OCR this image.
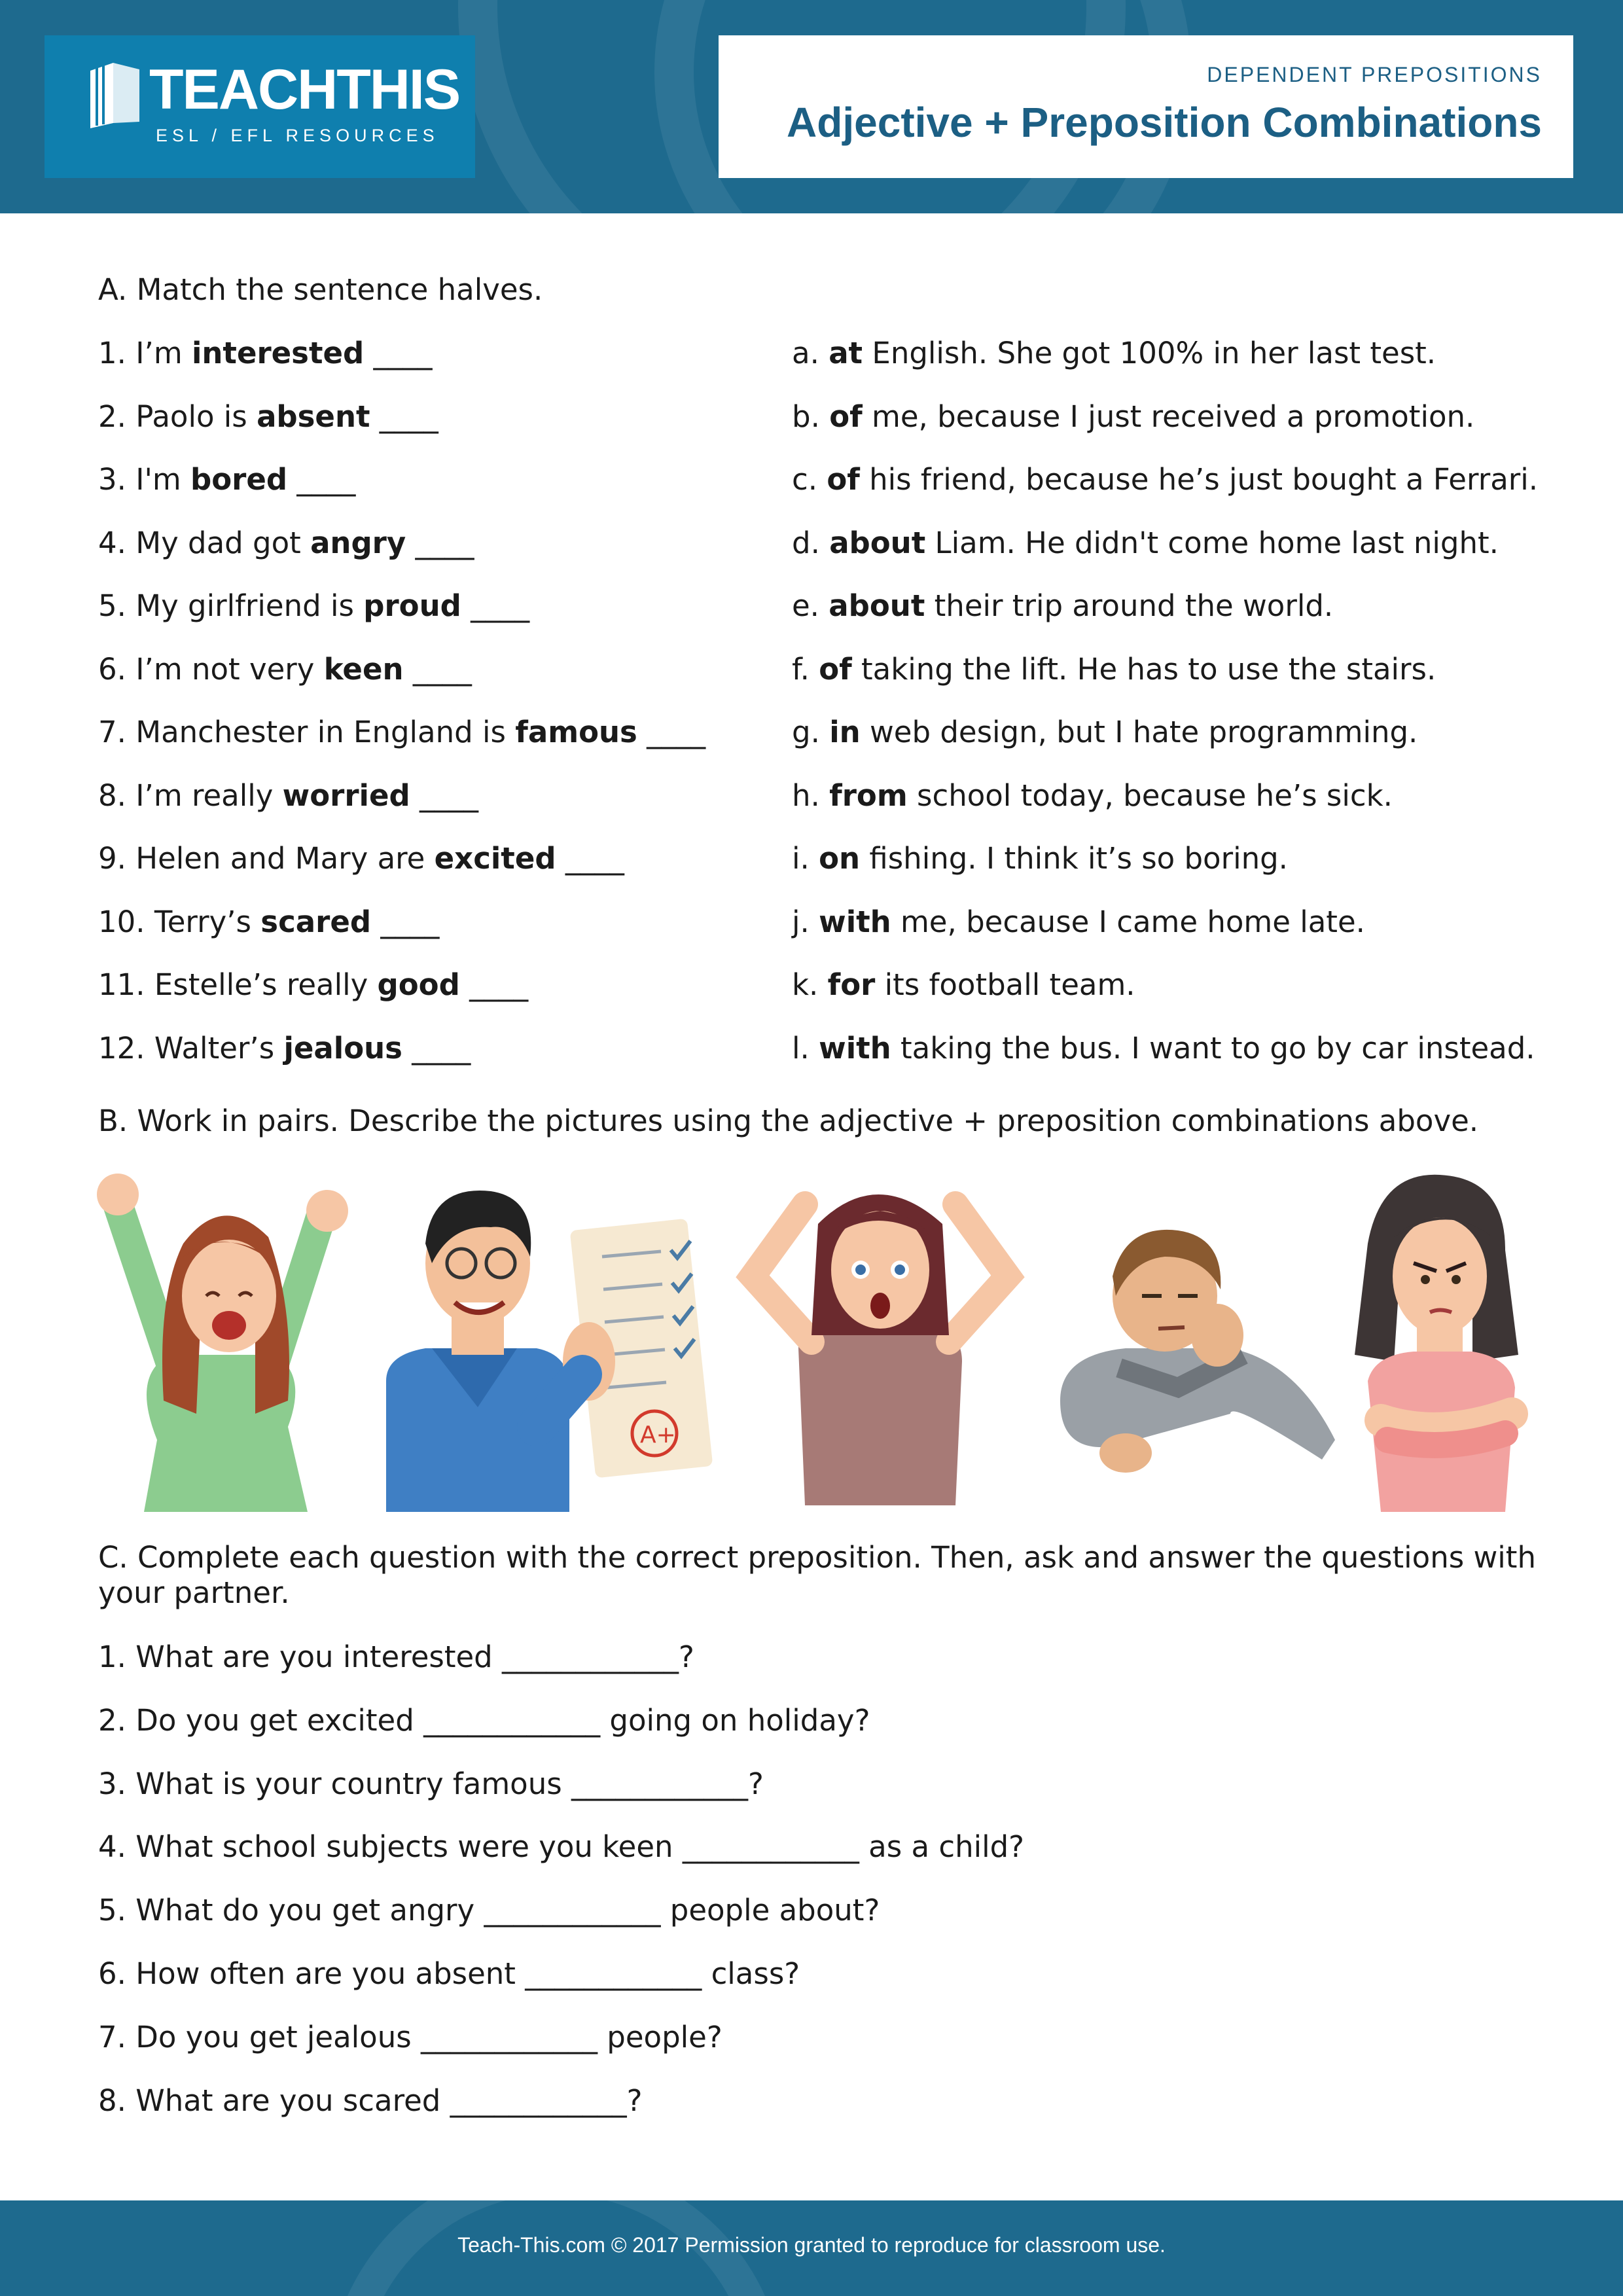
TEACHTHIS
ESL / EFL RESOURCES
DEPENDENT PREPOSITIONS
Adjective + Preposition Combinations
A. Match the sentence halves.
1. I’m interested ____
2. Paolo is absent ____
3. I'm bored ____
4. My dad got angry ____
5. My girlfriend is proud ____
6. I’m not very keen ____
7. Manchester in England is famous ____
8. I’m really worried ____
9. Helen and Mary are excited ____
10. Terry’s scared ____
11. Estelle’s really good ____
12. Walter’s jealous ____
a. at English. She got 100% in her last test.
b. of me, because I just received a promotion.
c. of his friend, because he’s just bought a Ferrari.
d. about Liam. He didn't come home last night.
e. about their trip around the world.
f. of taking the lift. He has to use the stairs.
g. in web design, but I hate programming.
h. from school today, because he’s sick.
i. on fishing. I think it’s so boring.
j. with me, because I came home late.
k. for its football team.
l. with taking the bus. I want to go by car instead.
B. Work in pairs. Describe the pictures using the adjective + preposition combinations above.
C. Complete each question with the correct preposition. Then, ask and answer the questions with
your partner.
1. What are you interested ____________?
2. Do you get excited ____________ going on holiday?
3. What is your country famous ____________?
4. What school subjects were you keen ____________ as a child?
5. What do you get angry ____________ people about?
6. How often are you absent ____________ class?
7. Do you get jealous ____________ people?
8. What are you scared ____________?
A+
Teach-This.com © 2017 Permission granted to reproduce for classroom use.
